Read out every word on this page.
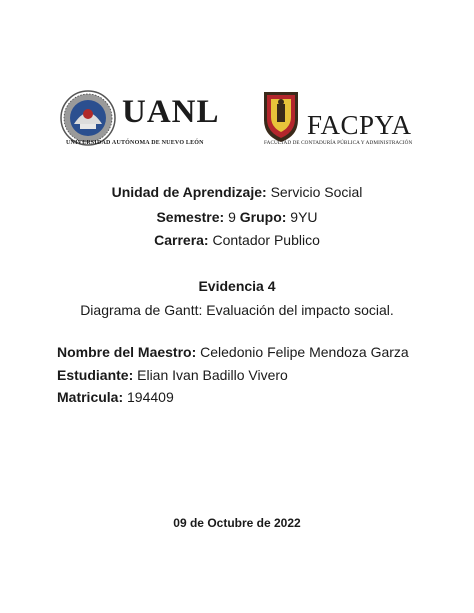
UANL
UNIVERSIDAD AUTÓNOMA DE NUEVO LEÓN
FACPYA
FACULTAD DE CONTADURÍA PÚBLICA Y ADMINISTRACIÓN
Unidad de Aprendizaje: Servicio Social
Semestre: 9 Grupo: 9YU
Carrera: Contador Publico
Evidencia 4
Diagrama de Gantt: Evaluación del impacto social.
Nombre del Maestro: Celedonio Felipe Mendoza Garza
Estudiante: Elian Ivan Badillo Vivero
Matricula: 194409
09 de Octubre de 2022
